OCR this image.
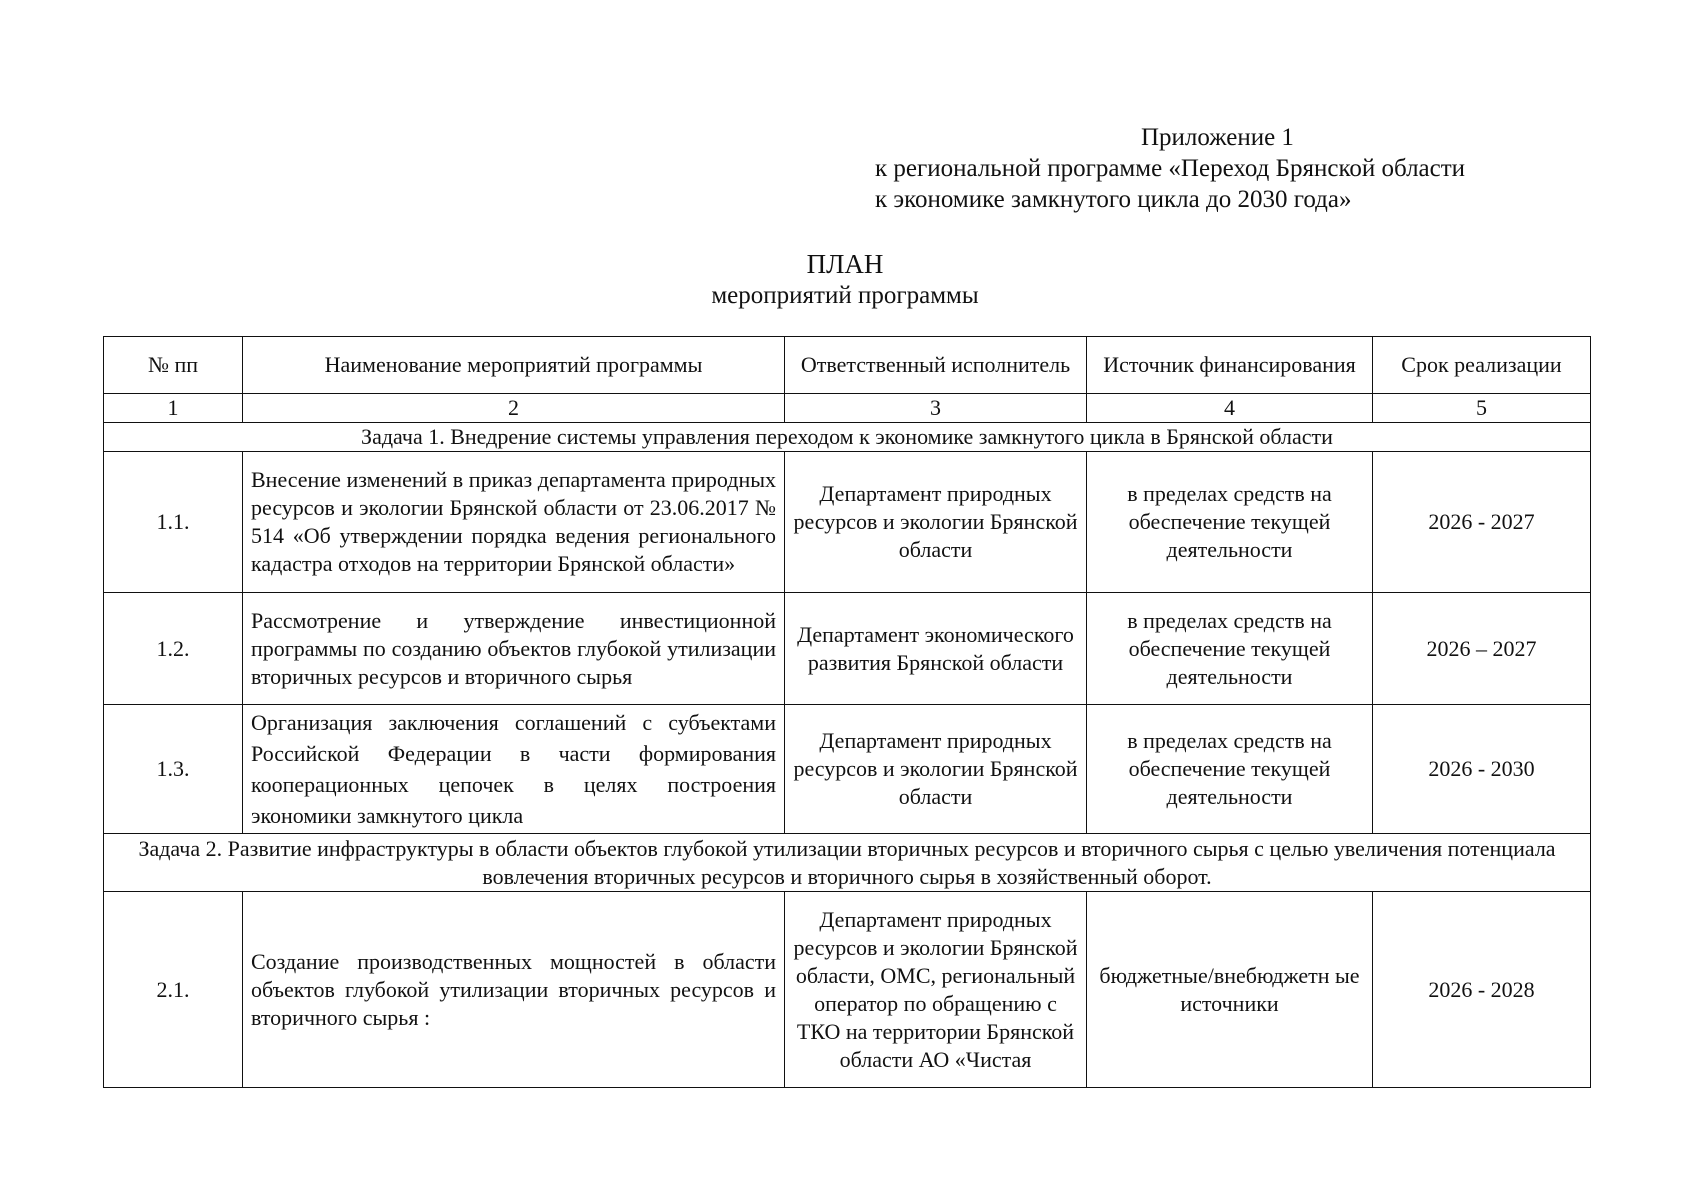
Приложение 1
к региональной программе «Переход Брянской области
к экономике замкнутого цикла до 2030 года»
ПЛАН
мероприятий программы
№ пп	Наименование мероприятий программы	Ответственный исполнитель	Источник финансирования	Срок реализации
1	2	3	4	5
Задача 1. Внедрение системы управления переходом к экономике замкнутого цикла в Брянской области				
1.1.	Внесение изменений в приказ департамента природных ресурсов и экологии Брянской области от 23.06.2017 № 514 «Об утверждении порядка ведения регионального кадастра отходов на территории Брянской области»	Департамент природных ресурсов и экологии Брянской области	в пределах средств на обеспечение текущей деятельности	2026 - 2027
1.2.	Рассмотрение и утверждение инвестиционной программы по созданию объектов глубокой утилизации вторичных ресурсов и вторичного сырья	Департамент экономического развития Брянской области	в пределах средств на обеспечение текущей деятельности	2026 – 2027
1.3.	Организация заключения соглашений с субъектами Российской Федерации в части формирования кооперационных цепочек в целях построения экономики замкнутого цикла	Департамент природных ресурсов и экологии Брянской области	в пределах средств на обеспечение текущей деятельности	2026 - 2030
Задача 2. Развитие инфраструктуры в области объектов глубокой утилизации вторичных ресурсов и вторичного сырья с целью увеличения потенциала вовлечения вторичных ресурсов и вторичного сырья в хозяйственный оборот.				
2.1.	Создание производственных мощностей в области объектов глубокой утилизации вторичных ресурсов и вторичного сырья :	Департамент природных ресурсов и экологии Брянской области, ОМС, региональный оператор по обращению с ТКО на территории Брянской области АО «Чистая	бюджетные/внебюджетн ые источники	2026 - 2028
